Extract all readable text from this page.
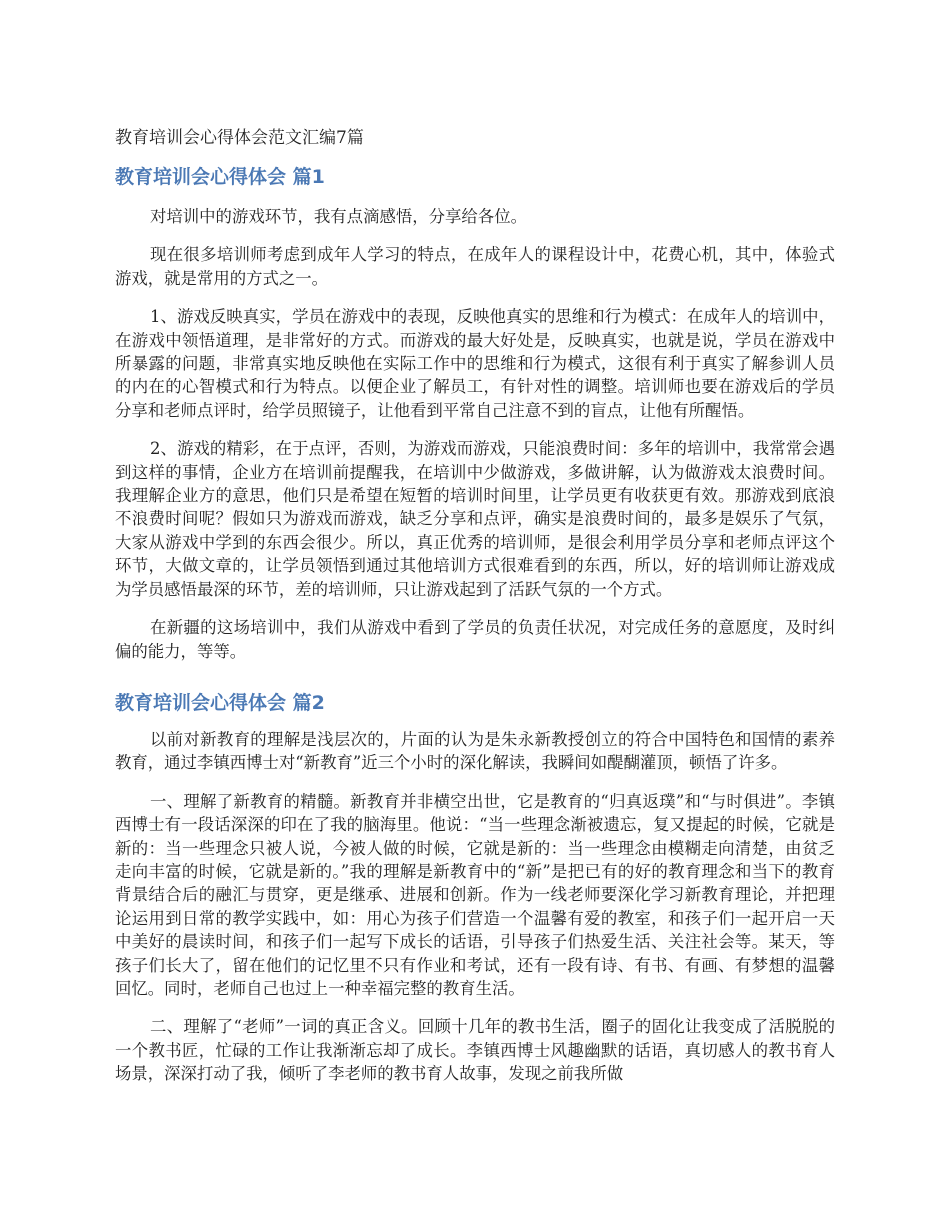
教育培训会心得体会范文汇编7篇
教育培训会心得体会 篇1

对培训中的游戏环节，我有点滴感悟，分享给各位。

现在很多培训师考虑到成年人学习的特点，在成年人的课程设计中，花费心机，其中，体验式游戏，就是常用的方式之一。

1、游戏反映真实，学员在游戏中的表现，反映他真实的思维和行为模式：在成年人的培训中，在游戏中领悟道理，是非常好的方式。而游戏的最大好处是，反映真实，也就是说，学员在游戏中所暴露的问题，非常真实地反映他在实际工作中的思维和行为模式，这很有利于真实了解参训人员的内在的心智模式和行为特点。以便企业了解员工，有针对性的调整。培训师也要在游戏后的学员分享和老师点评时，给学员照镜子，让他看到平常自己注意不到的盲点，让他有所醒悟。

2、游戏的精彩，在于点评，否则，为游戏而游戏，只能浪费时间：多年的培训中，我常常会遇到这样的事情，企业方在培训前提醒我，在培训中少做游戏，多做讲解，认为做游戏太浪费时间。我理解企业方的意思，他们只是希望在短暂的培训时间里，让学员更有收获更有效。那游戏到底浪不浪费时间呢？假如只为游戏而游戏，缺乏分享和点评，确实是浪费时间的，最多是娱乐了气氛，大家从游戏中学到的东西会很少。所以，真正优秀的培训师，是很会利用学员分享和老师点评这个环节，大做文章的，让学员领悟到通过其他培训方式很难看到的东西，所以，好的培训师让游戏成为学员感悟最深的环节，差的培训师，只让游戏起到了活跃气氛的一个方式。

在新疆的这场培训中，我们从游戏中看到了学员的负责任状况，对完成任务的意愿度，及时纠偏的能力，等等。

教育培训会心得体会 篇2

以前对新教育的理解是浅层次的，片面的认为是朱永新教授创立的符合中国特色和国情的素养教育，通过李镇西博士对“新教育”近三个小时的深化解读，我瞬间如醍醐灌顶，顿悟了许多。

一、理解了新教育的精髓。新教育并非横空出世，它是教育的“归真返璞”和“与时俱进”。李镇西博士有一段话深深的印在了我的脑海里。他说：“当一些理念渐被遗忘，复又提起的时候，它就是新的：当一些理念只被人说，今被人做的时候，它就是新的：当一些理念由模糊走向清楚，由贫乏走向丰富的时候，它就是新的。”我的理解是新教育中的“新”是把已有的好的教育理念和当下的教育背景结合后的融汇与贯穿，更是继承、进展和创新。作为一线老师要深化学习新教育理论，并把理论运用到日常的教学实践中，如：用心为孩子们营造一个温馨有爱的教室，和孩子们一起开启一天中美好的晨读时间，和孩子们一起写下成长的话语，引导孩子们热爱生活、关注社会等。某天，等孩子们长大了，留在他们的记忆里不只有作业和考试，还有一段有诗、有书、有画、有梦想的温馨回忆。同时，老师自己也过上一种幸福完整的教育生活。

二、理解了“老师”一词的真正含义。回顾十几年的教书生活，圈子的固化让我变成了活脱脱的一个教书匠，忙碌的工作让我渐渐忘却了成长。李镇西博士风趣幽默的话语，真切感人的教书育人场景，深深打动了我，倾听了李老师的教书育人故事，发现之前我所做
